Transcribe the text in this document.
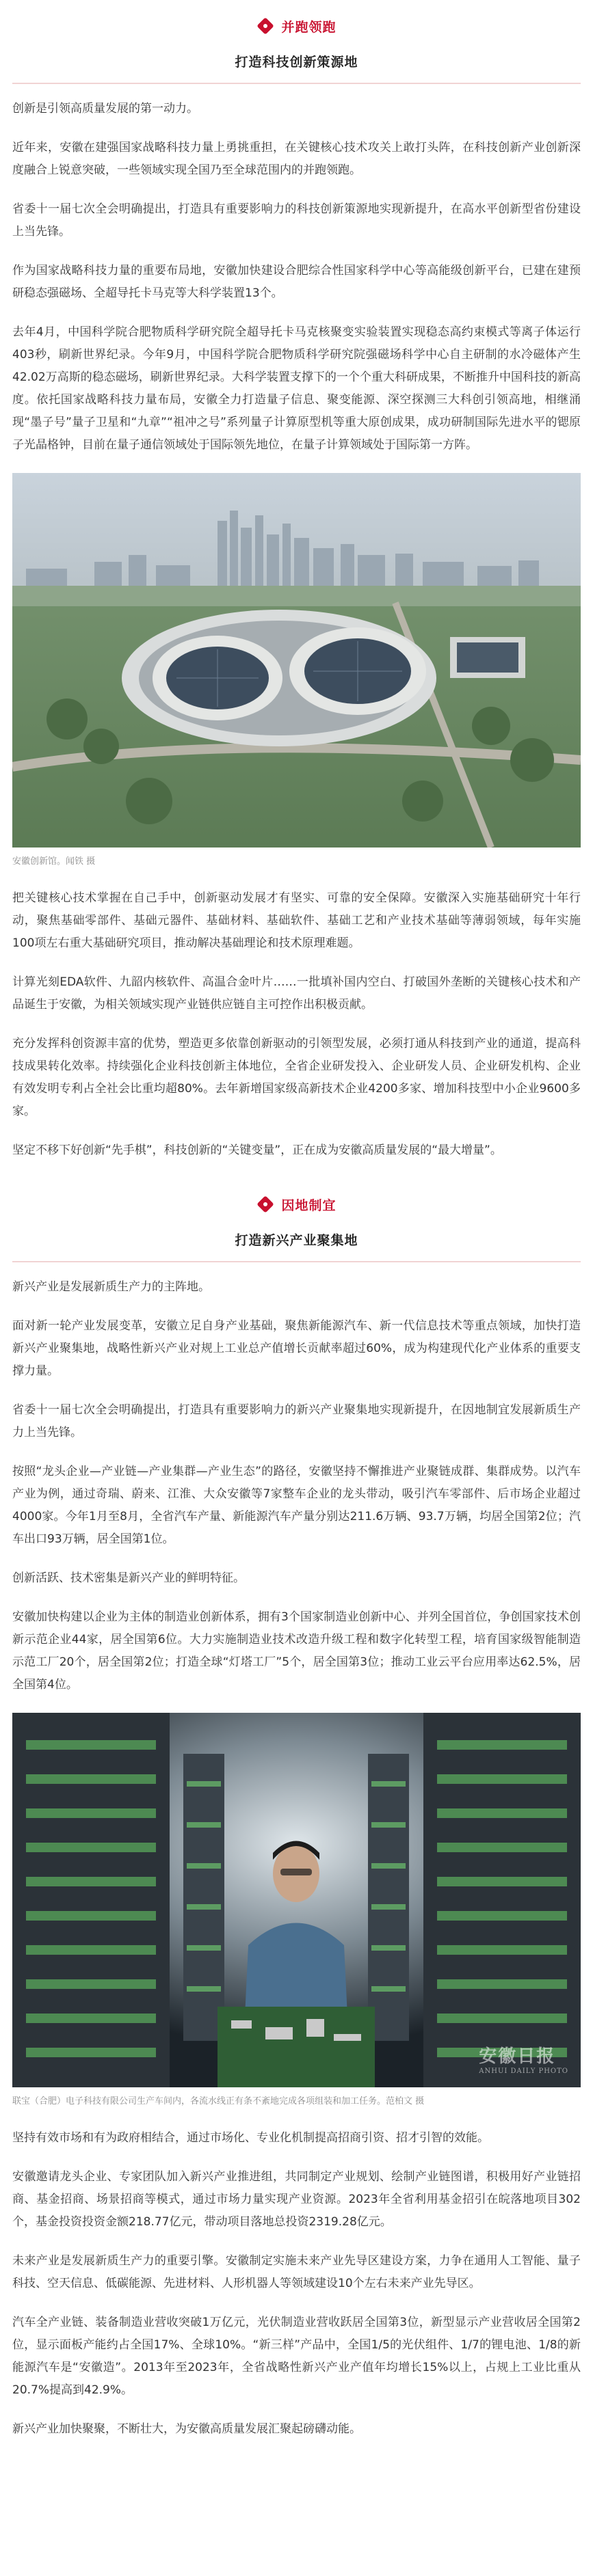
并跑领跑
打造科技创新策源地

创新是引领高质量发展的第一动力。

近年来，安徽在建强国家战略科技力量上勇挑重担，在关键核心技术攻关上敢打头阵，在科技创新产业创新深度融合上锐意突破，一些领域实现全国乃至全球范围内的并跑领跑。

省委十一届七次全会明确提出，打造具有重要影响力的科技创新策源地实现新提升，在高水平创新型省份建设上当先锋。

作为国家战略科技力量的重要布局地，安徽加快建设合肥综合性国家科学中心等高能级创新平台，已建在建预研稳态强磁场、全超导托卡马克等大科学装置13个。

去年4月，中国科学院合肥物质科学研究院全超导托卡马克核聚变实验装置实现稳态高约束模式等离子体运行403秒，刷新世界纪录。今年9月，中国科学院合肥物质科学研究院强磁场科学中心自主研制的水冷磁体产生42.02万高斯的稳态磁场，刷新世界纪录。大科学装置支撑下的一个个重大科研成果，不断推升中国科技的新高度。依托国家战略科技力量布局，安徽全力打造量子信息、聚变能源、深空探测三大科创引领高地，相继涌现“墨子号”量子卫星和“九章”“祖冲之号”系列量子计算原型机等重大原创成果，成功研制国际先进水平的锶原子光晶格钟，目前在量子通信领域处于国际领先地位，在量子计算领域处于国际第一方阵。

安徽创新馆。闻铁 摄

把关键核心技术掌握在自己手中，创新驱动发展才有坚实、可靠的安全保障。安徽深入实施基础研究十年行动，聚焦基础零部件、基础元器件、基础材料、基础软件、基础工艺和产业技术基础等薄弱领域，每年实施100项左右重大基础研究项目，推动解决基础理论和技术原理难题。

计算光刻EDA软件、九韶内核软件、高温合金叶片……一批填补国内空白、打破国外垄断的关键核心技术和产品诞生于安徽，为相关领域实现产业链供应链自主可控作出积极贡献。

充分发挥科创资源丰富的优势，塑造更多依靠创新驱动的引领型发展，必须打通从科技到产业的通道，提高科技成果转化效率。持续强化企业科技创新主体地位，全省企业研发投入、企业研发人员、企业研发机构、企业有效发明专利占全社会比重均超80%。去年新增国家级高新技术企业4200多家、增加科技型中小企业9600多家。

坚定不移下好创新“先手棋”，科技创新的“关键变量”，正在成为安徽高质量发展的“最大增量”。

因地制宜
打造新兴产业聚集地

新兴产业是发展新质生产力的主阵地。

面对新一轮产业发展变革，安徽立足自身产业基础，聚焦新能源汽车、新一代信息技术等重点领域，加快打造新兴产业聚集地，战略性新兴产业对规上工业总产值增长贡献率超过60%，成为构建现代化产业体系的重要支撑力量。

省委十一届七次全会明确提出，打造具有重要影响力的新兴产业聚集地实现新提升，在因地制宜发展新质生产力上当先锋。

按照“龙头企业—产业链—产业集群—产业生态”的路径，安徽坚持不懈推进产业聚链成群、集群成势。以汽车产业为例，通过奇瑞、蔚来、江淮、大众安徽等7家整车企业的龙头带动，吸引汽车零部件、后市场企业超过4000家。今年1月至8月，全省汽车产量、新能源汽车产量分别达211.6万辆、93.7万辆，均居全国第2位；汽车出口93万辆，居全国第1位。

创新活跃、技术密集是新兴产业的鲜明特征。

安徽加快构建以企业为主体的制造业创新体系，拥有3个国家制造业创新中心、并列全国首位，争创国家技术创新示范企业44家，居全国第6位。大力实施制造业技术改造升级工程和数字化转型工程，培育国家级智能制造示范工厂20个，居全国第2位；打造全球“灯塔工厂”5个，居全国第3位；推动工业云平台应用率达62.5%，居全国第4位。

安徽日报
ANHUI DAILY PHOTO
联宝（合肥）电子科技有限公司生产车间内，各流水线正有条不紊地完成各项组装和加工任务。范柏文 摄

坚持有效市场和有为政府相结合，通过市场化、专业化机制提高招商引资、招才引智的效能。

安徽邀请龙头企业、专家团队加入新兴产业推进组，共同制定产业规划、绘制产业链图谱，积极用好产业链招商、基金招商、场景招商等模式，通过市场力量实现产业资源。2023年全省利用基金招引在皖落地项目302个，基金投资投资金额218.77亿元，带动项目落地总投资2319.28亿元。

未来产业是发展新质生产力的重要引擎。安徽制定实施未来产业先导区建设方案，力争在通用人工智能、量子科技、空天信息、低碳能源、先进材料、人形机器人等领域建设10个左右未来产业先导区。

汽车全产业链、装备制造业营收突破1万亿元，光伏制造业营收跃居全国第3位，新型显示产业营收居全国第2位，显示面板产能约占全国17%、全球10%。“新三样”产品中，全国1/5的光伏组件、1/7的锂电池、1/8的新能源汽车是“安徽造”。2013年至2023年，全省战略性新兴产业产值年均增长15%以上，占规上工业比重从20.7%提高到42.9%。

新兴产业加快聚聚，不断壮大，为安徽高质量发展汇聚起磅礴动能。
